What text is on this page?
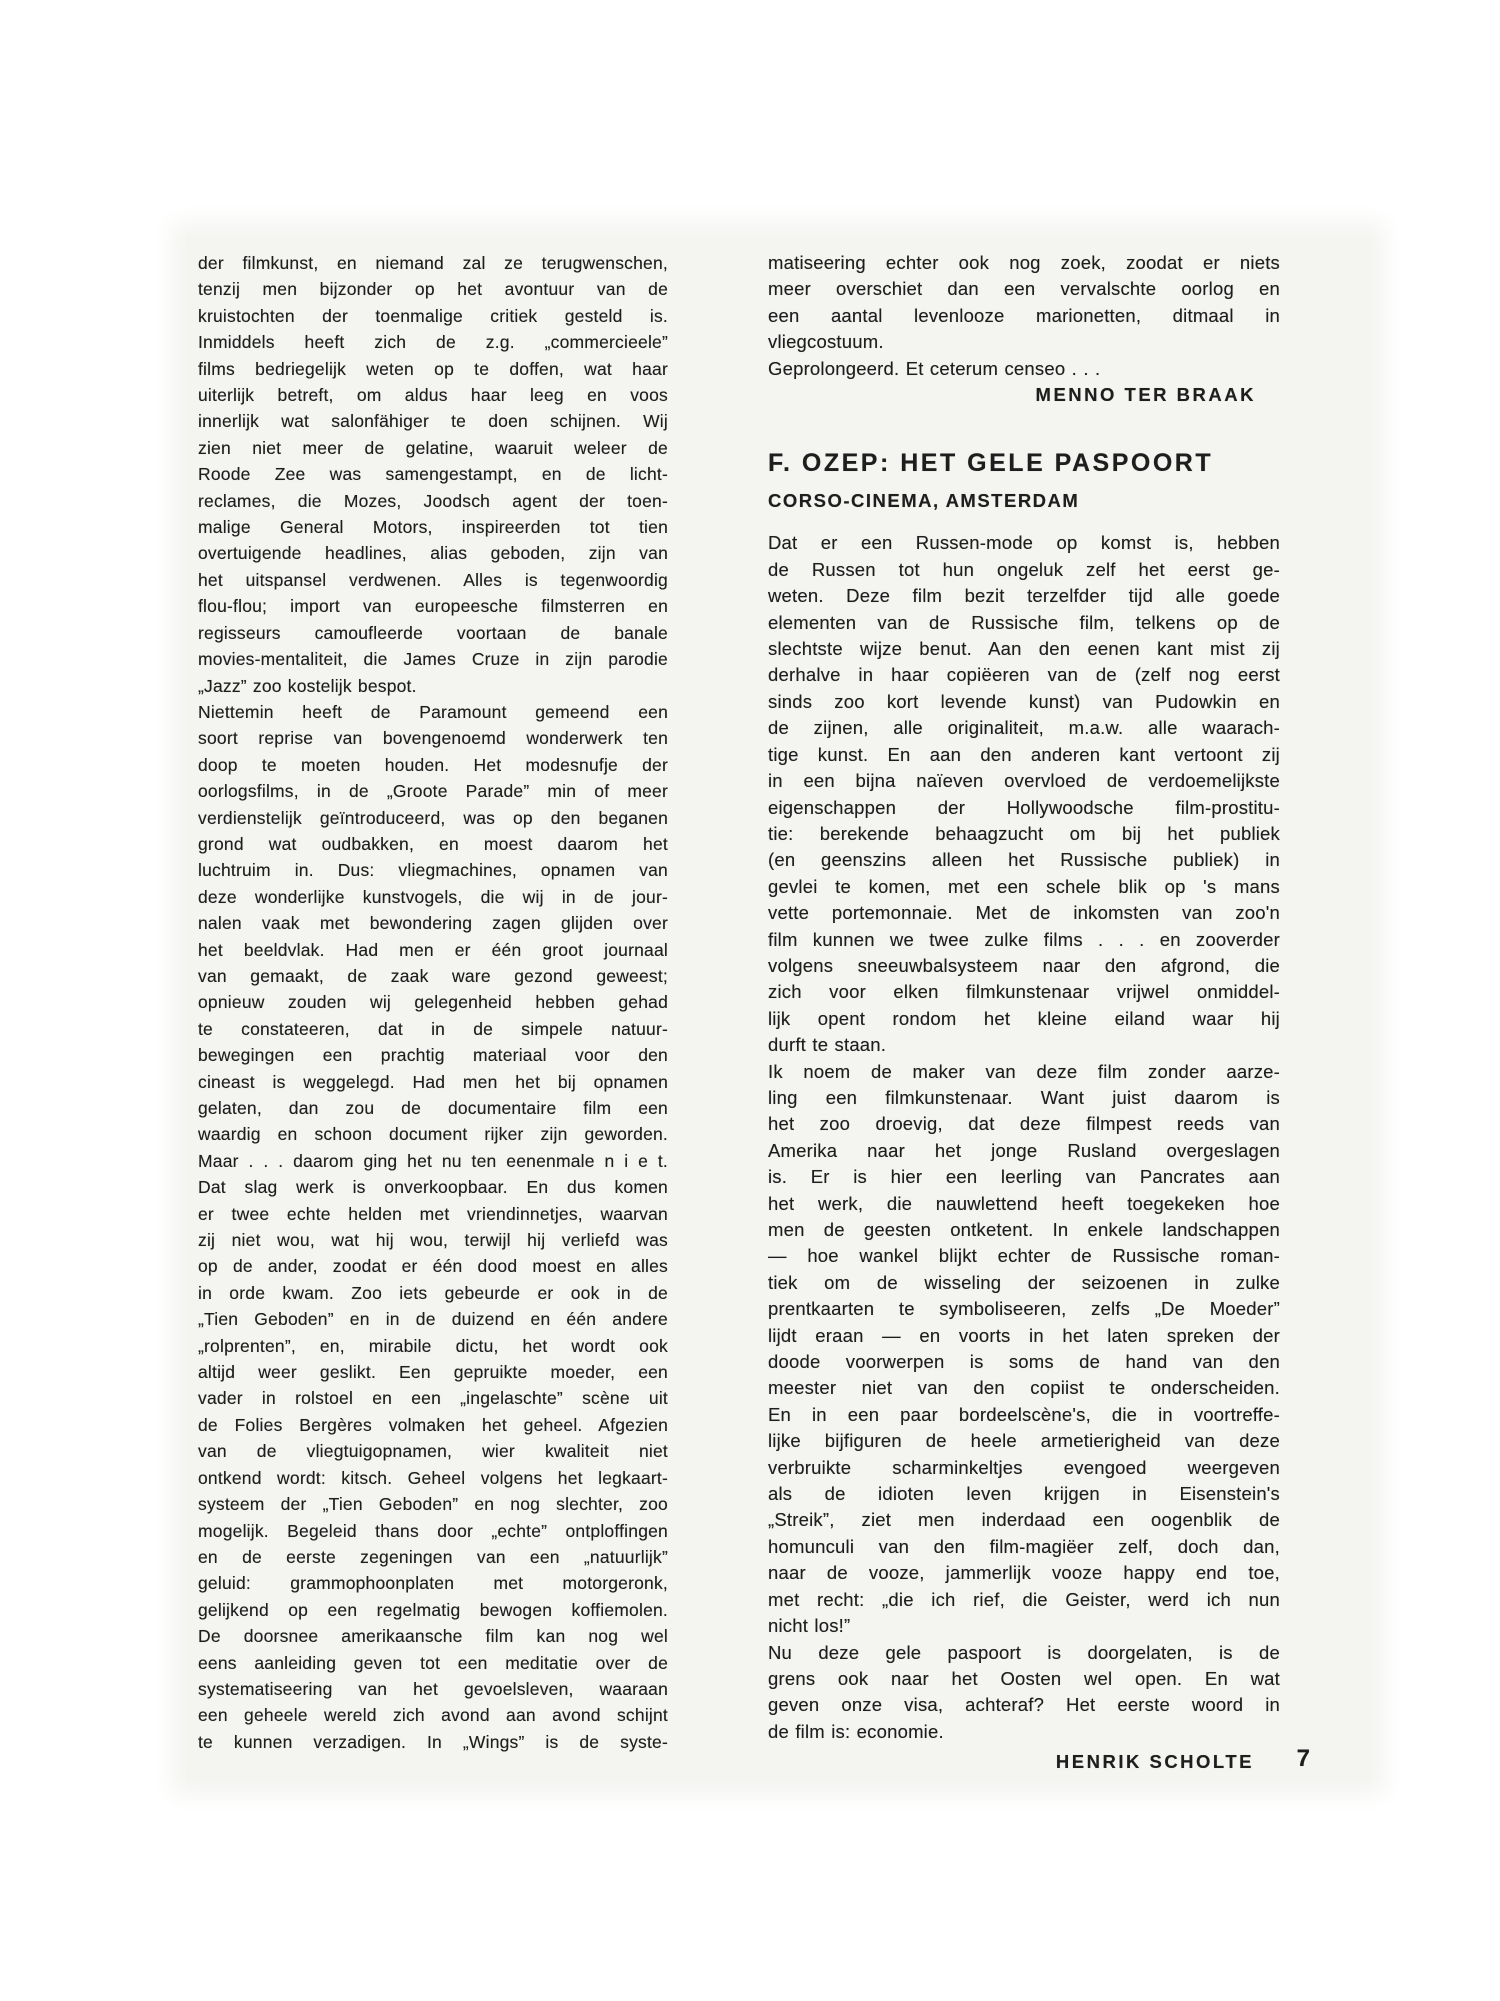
der filmkunst, en niemand zal ze terugwenschen,
tenzij men bijzonder op het avontuur van de
kruistochten der toenmalige critiek gesteld is.
Inmiddels heeft zich de z.g. „commercieele”
films bedriegelijk weten op te doffen, wat haar
uiterlijk betreft, om aldus haar leeg en voos
innerlijk wat salonfähiger te doen schijnen. Wij
zien niet meer de gelatine, waaruit weleer de
Roode Zee was samengestampt, en de licht-
reclames, die Mozes, Joodsch agent der toen-
malige General Motors, inspireerden tot tien
overtuigende headlines, alias geboden, zijn van
het uitspansel verdwenen. Alles is tegenwoordig
flou-flou; import van europeesche filmsterren en
regisseurs camoufleerde voortaan de banale
movies-mentaliteit, die James Cruze in zijn parodie
„Jazz” zoo kostelijk bespot.
Niettemin heeft de Paramount gemeend een
soort reprise van bovengenoemd wonderwerk ten
doop te moeten houden. Het modesnufje der
oorlogsfilms, in de „Groote Parade” min of meer
verdienstelijk geïntroduceerd, was op den beganen
grond wat oudbakken, en moest daarom het
luchtruim in. Dus: vliegmachines, opnamen van
deze wonderlijke kunstvogels, die wij in de jour-
nalen vaak met bewondering zagen glijden over
het beeldvlak. Had men er één groot journaal
van gemaakt, de zaak ware gezond geweest;
opnieuw zouden wij gelegenheid hebben gehad
te constateeren, dat in de simpele natuur-
bewegingen een prachtig materiaal voor den
cineast is weggelegd. Had men het bij opnamen
gelaten, dan zou de documentaire film een
waardig en schoon document rijker zijn geworden.
Maar . . . daarom ging het nu ten eenenmale n i e t.
Dat slag werk is onverkoopbaar. En dus komen
er twee echte helden met vriendinnetjes, waarvan
zij niet wou, wat hij wou, terwijl hij verliefd was
op de ander, zoodat er één dood moest en alles
in orde kwam. Zoo iets gebeurde er ook in de
„Tien Geboden” en in de duizend en één andere
„rolprenten”, en, mirabile dictu, het wordt ook
altijd weer geslikt. Een gepruikte moeder, een
vader in rolstoel en een „ingelaschte” scène uit
de Folies Bergères volmaken het geheel. Afgezien
van de vliegtuigopnamen, wier kwaliteit niet
ontkend wordt: kitsch. Geheel volgens het legkaart-
systeem der „Tien Geboden” en nog slechter, zoo
mogelijk. Begeleid thans door „echte” ontploffingen
en de eerste zegeningen van een „natuurlijk”
geluid: grammophoonplaten met motorgeronk,
gelijkend op een regelmatig bewogen koffiemolen.
De doorsnee amerikaansche film kan nog wel
eens aanleiding geven tot een meditatie over de
systematiseering van het gevoelsleven, waaraan
een geheele wereld zich avond aan avond schijnt
te kunnen verzadigen. In „Wings” is de syste-
matiseering echter ook nog zoek, zoodat er niets
meer overschiet dan een vervalschte oorlog en
een aantal levenlooze marionetten, ditmaal in
vliegcostuum.
Geprolongeerd. Et ceterum censeo . . .
MENNO TER BRAAK
F. OZEP: HET GELE PASPOORT
CORSO-CINEMA, AMSTERDAM
Dat er een Russen-mode op komst is, hebben
de Russen tot hun ongeluk zelf het eerst ge-
weten. Deze film bezit terzelfder tijd alle goede
elementen van de Russische film, telkens op de
slechtste wijze benut. Aan den eenen kant mist zij
derhalve in haar copiëeren van de (zelf nog eerst
sinds zoo kort levende kunst) van Pudowkin en
de zijnen, alle originaliteit, m.a.w. alle waarach-
tige kunst. En aan den anderen kant vertoont zij
in een bijna naïeven overvloed de verdoemelijkste
eigenschappen der Hollywoodsche film-prostitu-
tie: berekende behaagzucht om bij het publiek
(en geenszins alleen het Russische publiek) in
gevlei te komen, met een schele blik op 's mans
vette portemonnaie. Met de inkomsten van zoo'n
film kunnen we twee zulke films . . . en zooverder
volgens sneeuwbalsysteem naar den afgrond, die
zich voor elken filmkunstenaar vrijwel onmiddel-
lijk opent rondom het kleine eiland waar hij
durft te staan.
Ik noem de maker van deze film zonder aarze-
ling een filmkunstenaar. Want juist daarom is
het zoo droevig, dat deze filmpest reeds van
Amerika naar het jonge Rusland overgeslagen
is. Er is hier een leerling van Pancrates aan
het werk, die nauwlettend heeft toegekeken hoe
men de geesten ontketent. In enkele landschappen
— hoe wankel blijkt echter de Russische roman-
tiek om de wisseling der seizoenen in zulke
prentkaarten te symboliseeren, zelfs „De Moeder”
lijdt eraan — en voorts in het laten spreken der
doode voorwerpen is soms de hand van den
meester niet van den copiist te onderscheiden.
En in een paar bordeelscène's, die in voortreffe-
lijke bijfiguren de heele armetierigheid van deze
verbruikte scharminkeltjes evengoed weergeven
als de idioten leven krijgen in Eisenstein's
„Streik”, ziet men inderdaad een oogenblik de
homunculi van den film-magiëer zelf, doch dan,
naar de vooze, jammerlijk vooze happy end toe,
met recht: „die ich rief, die Geister, werd ich nun
nicht los!”
Nu deze gele paspoort is doorgelaten, is de
grens ook naar het Oosten wel open. En wat
geven onze visa, achteraf? Het eerste woord in
de film is: economie.
HENRIK SCHOLTE 7
